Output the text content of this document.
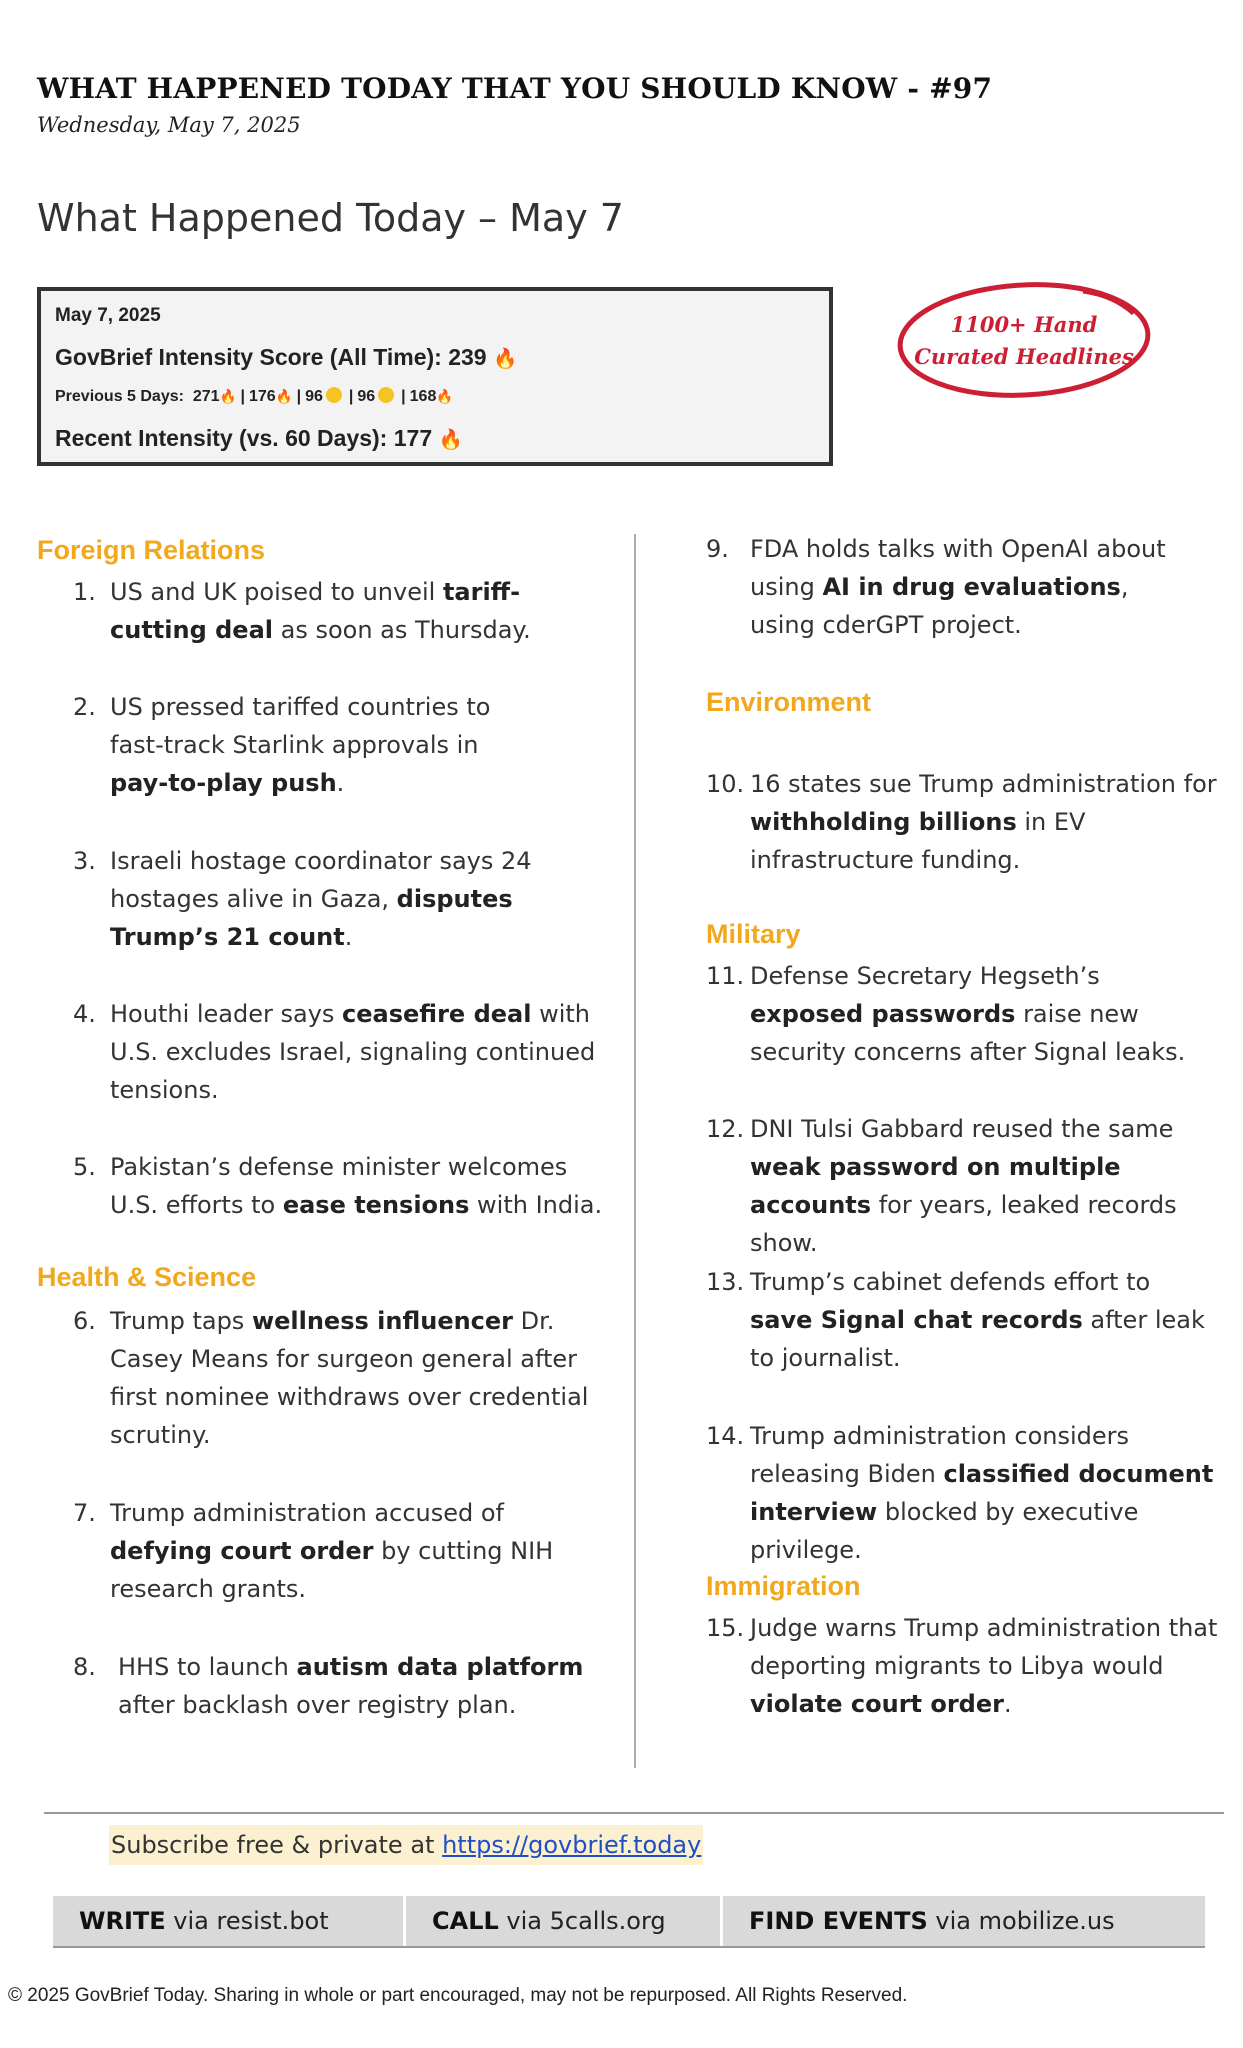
WHAT HAPPENED TODAY THAT YOU SHOULD KNOW - #97
Wednesday, May 7, 2025
What Happened Today – May 7
May 7, 2025
GovBrief Intensity Score (All Time): 239 🔥
Previous 5 Days: 271🔥 | 176🔥 | 96 | 96 | 168🔥
Recent Intensity (vs. 60 Days): 177 🔥
1100+ Hand
Curated Headlines
Foreign Relations
1. US and UK poised to unveil tariff-cutting deal as soon as Thursday.
2. US pressed tariffed countries to fast-track Starlink approvals in pay-to-play push.
3. Israeli hostage coordinator says 24 hostages alive in Gaza, disputes Trump’s 21 count.
4. Houthi leader says ceasefire deal with U.S. excludes Israel, signaling continued tensions.
5. Pakistan’s defense minister welcomes U.S. efforts to ease tensions with India.
Health & Science
6. Trump taps wellness influencer Dr. Casey Means for surgeon general after first nominee withdraws over credential scrutiny.
7. Trump administration accused of defying court order by cutting NIH research grants.
8. HHS to launch autism data platform after backlash over registry plan.
9. FDA holds talks with OpenAI about using AI in drug evaluations, using cderGPT project.
Environment
10. 16 states sue Trump administration for withholding billions in EV infrastructure funding.
Military
11. Defense Secretary Hegseth’s exposed passwords raise new security concerns after Signal leaks.
12. DNI Tulsi Gabbard reused the same weak password on multiple accounts for years, leaked records show.
13. Trump’s cabinet defends effort to save Signal chat records after leak to journalist.
14. Trump administration considers releasing Biden classified document interview blocked by executive privilege.
Immigration
15. Judge warns Trump administration that deporting migrants to Libya would violate court order.
Subscribe free & private at https://govbrief.today
WRITE via resist.bot	CALL via 5calls.org	FIND EVENTS via mobilize.us
© 2025 GovBrief Today. Sharing in whole or part encouraged, may not be repurposed. All Rights Reserved.
